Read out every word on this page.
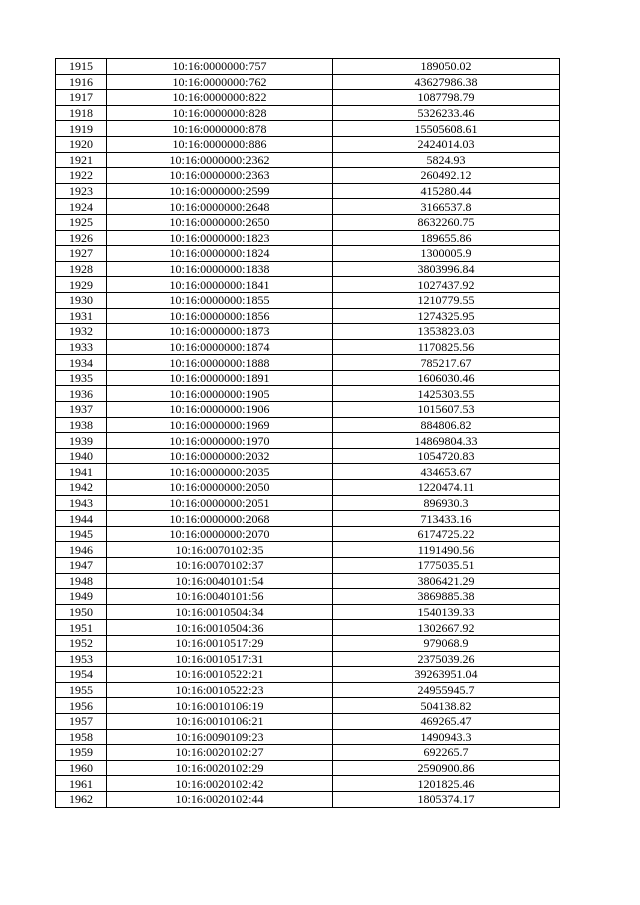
1915	10:16:0000000:757	189050.02
1916	10:16:0000000:762	43627986.38
1917	10:16:0000000:822	1087798.79
1918	10:16:0000000:828	5326233.46
1919	10:16:0000000:878	15505608.61
1920	10:16:0000000:886	2424014.03
1921	10:16:0000000:2362	5824.93
1922	10:16:0000000:2363	260492.12
1923	10:16:0000000:2599	415280.44
1924	10:16:0000000:2648	3166537.8
1925	10:16:0000000:2650	8632260.75
1926	10:16:0000000:1823	189655.86
1927	10:16:0000000:1824	1300005.9
1928	10:16:0000000:1838	3803996.84
1929	10:16:0000000:1841	1027437.92
1930	10:16:0000000:1855	1210779.55
1931	10:16:0000000:1856	1274325.95
1932	10:16:0000000:1873	1353823.03
1933	10:16:0000000:1874	1170825.56
1934	10:16:0000000:1888	785217.67
1935	10:16:0000000:1891	1606030.46
1936	10:16:0000000:1905	1425303.55
1937	10:16:0000000:1906	1015607.53
1938	10:16:0000000:1969	884806.82
1939	10:16:0000000:1970	14869804.33
1940	10:16:0000000:2032	1054720.83
1941	10:16:0000000:2035	434653.67
1942	10:16:0000000:2050	1220474.11
1943	10:16:0000000:2051	896930.3
1944	10:16:0000000:2068	713433.16
1945	10:16:0000000:2070	6174725.22
1946	10:16:0070102:35	1191490.56
1947	10:16:0070102:37	1775035.51
1948	10:16:0040101:54	3806421.29
1949	10:16:0040101:56	3869885.38
1950	10:16:0010504:34	1540139.33
1951	10:16:0010504:36	1302667.92
1952	10:16:0010517:29	979068.9
1953	10:16:0010517:31	2375039.26
1954	10:16:0010522:21	39263951.04
1955	10:16:0010522:23	24955945.7
1956	10:16:0010106:19	504138.82
1957	10:16:0010106:21	469265.47
1958	10:16:0090109:23	1490943.3
1959	10:16:0020102:27	692265.7
1960	10:16:0020102:29	2590900.86
1961	10:16:0020102:42	1201825.46
1962	10:16:0020102:44	1805374.17
